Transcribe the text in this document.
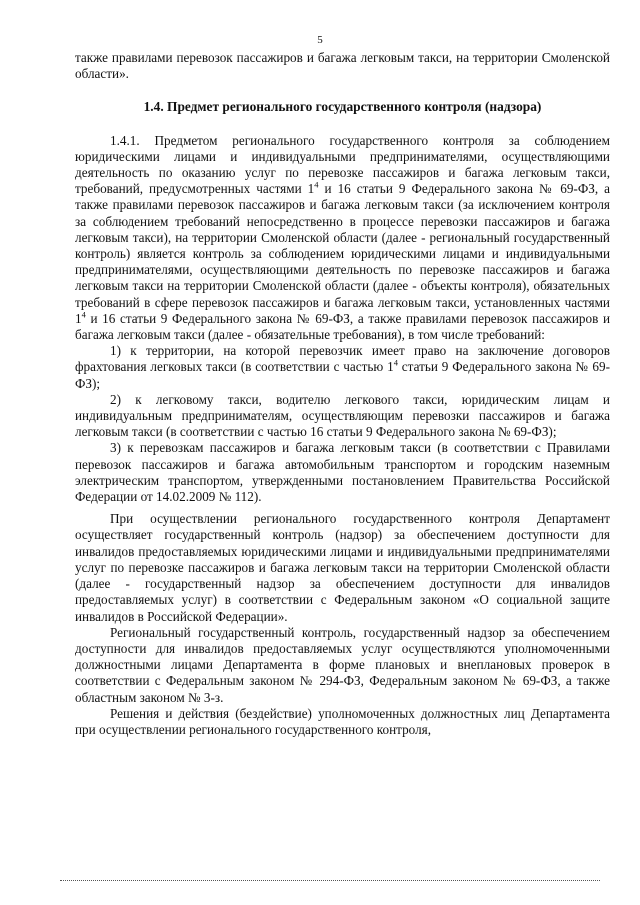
5

также правилами перевозок пассажиров и багажа легковым такси, на территории Смоленской области».

1.4. Предмет регионального государственного контроля (надзора)

1.4.1. Предметом регионального государственного контроля за соблюдением юридическими лицами и индивидуальными предпринимателями, осуществляющими деятельность по оказанию услуг по перевозке пассажиров и багажа легковым такси, требований, предусмотренных частями $1^4$ и 16 статьи 9 Федерального закона № 69-ФЗ, а также правилами перевозок пассажиров и багажа легковым такси (за исключением контроля за соблюдением требований непосредственно в процессе перевозки пассажиров и багажа легковым такси), на территории Смоленской области (далее - региональный государственный контроль) является контроль за соблюдением юридическими лицами и индивидуальными предпринимателями, осуществляющими деятельность по перевозке пассажиров и багажа легковым такси на территории Смоленской области (далее - объекты контроля), обязательных требований в сфере перевозок пассажиров и багажа легковым такси, установленных частями $1^4$ и 16 статьи 9 Федерального закона № 69-ФЗ, а также правилами перевозок пассажиров и багажа легковым такси (далее - обязательные требования), в том числе требований:

1) к территории, на которой перевозчик имеет право на заключение договоров фрахтования легковых такси (в соответствии с частью $1^4$ статьи 9 Федерального закона № 69-ФЗ);

2) к легковому такси, водителю легкового такси, юридическим лицам и индивидуальным предпринимателям, осуществляющим перевозки пассажиров и багажа легковым такси (в соответствии с частью 16 статьи 9 Федерального закона № 69-ФЗ);

3) к перевозкам пассажиров и багажа легковым такси (в соответствии с Правилами перевозок пассажиров и багажа автомобильным транспортом и городским наземным электрическим транспортом, утвержденными постановлением Правительства Российской Федерации от 14.02.2009 № 112).

При осуществлении регионального государственного контроля Департамент осуществляет государственный контроль (надзор) за обеспечением доступности для инвалидов предоставляемых юридическими лицами и индивидуальными предпринимателями услуг по перевозке пассажиров и багажа легковым такси на территории Смоленской области (далее - государственный надзор за обеспечением доступности для инвалидов предоставляемых услуг) в соответствии с Федеральным законом «О социальной защите инвалидов в Российской Федерации».

Региональный государственный контроль, государственный надзор за обеспечением доступности для инвалидов предоставляемых услуг осуществляются уполномоченными должностными лицами Департамента в форме плановых и внеплановых проверок в соответствии с Федеральным законом № 294-ФЗ, Федеральным законом № 69-ФЗ, а также областным законом № 3-з.

Решения и действия (бездействие) уполномоченных должностных лиц Департамента при осуществлении регионального государственного контроля,
